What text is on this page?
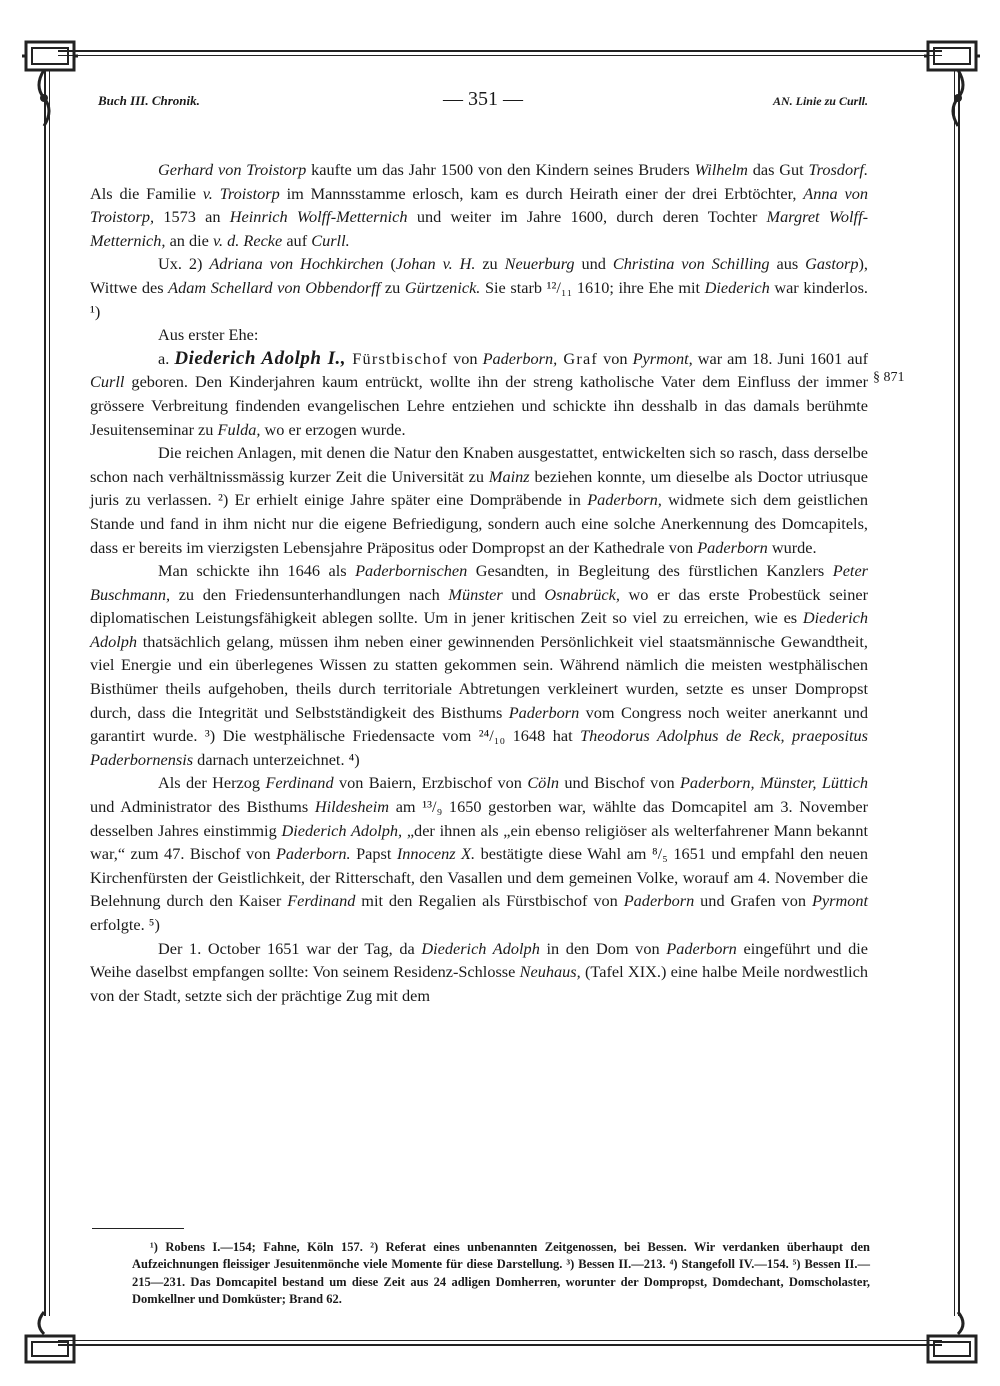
Buch III. Chronik.	— 351 —	AN. Linie zu Curll.
§ 871

Gerhard von Troistorp kaufte um das Jahr 1500 von den Kindern seines Bruders Wilhelm das Gut Trosdorf. Als die Familie v. Troistorp im Mannsstamme erlosch, kam es durch Heirath einer der drei Erbtöchter, Anna von Troistorp, 1573 an Heinrich Wolff-Metternich und weiter im Jahre 1600, durch deren Tochter Margret Wolff-Metternich, an die v. d. Recke auf Curll.

Ux. 2) Adriana von Hochkirchen (Johan v. H. zu Neuerburg und Christina von Schilling aus Gastorp), Wittwe des Adam Schellard von Obbendorff zu Gürtzenick. Sie starb ¹²/₁₁ 1610; ihre Ehe mit Diederich war kinderlos. ¹)

Aus erster Ehe:

a. Diederich Adolph I., Fürstbischof von Paderborn, Graf von Pyrmont, war am 18. Juni 1601 auf Curll geboren. Den Kinderjahren kaum entrückt, wollte ihn der streng katholische Vater dem Einfluss der immer grössere Verbreitung findenden evangelischen Lehre entziehen und schickte ihn desshalb in das damals berühmte Jesuitenseminar zu Fulda, wo er erzogen wurde.

Die reichen Anlagen, mit denen die Natur den Knaben ausgestattet, entwickelten sich so rasch, dass derselbe schon nach verhältnissmässig kurzer Zeit die Universität zu Mainz beziehen konnte, um dieselbe als Doctor utriusque juris zu verlassen. ²) Er erhielt einige Jahre später eine Dompräbende in Paderborn, widmete sich dem geistlichen Stande und fand in ihm nicht nur die eigene Befriedigung, sondern auch eine solche Anerkennung des Domcapitels, dass er bereits im vierzigsten Lebensjahre Präpositus oder Dompropst an der Kathedrale von Paderborn wurde.

Man schickte ihn 1646 als Paderbornischen Gesandten, in Begleitung des fürstlichen Kanzlers Peter Buschmann, zu den Friedensunterhandlungen nach Münster und Osnabrück, wo er das erste Probestück seiner diplomatischen Leistungsfähigkeit ablegen sollte. Um in jener kritischen Zeit so viel zu erreichen, wie es Diederich Adolph thatsächlich gelang, müssen ihm neben einer gewinnenden Persönlichkeit viel staatsmännische Gewandtheit, viel Energie und ein überlegenes Wissen zu statten gekommen sein. Während nämlich die meisten westphälischen Bisthümer theils aufgehoben, theils durch territoriale Abtretungen verkleinert wurden, setzte es unser Dompropst durch, dass die Integrität und Selbstständigkeit des Bisthums Paderborn vom Congress noch weiter anerkannt und garantirt wurde. ³) Die westphälische Friedensacte vom ²⁴/₁₀ 1648 hat Theodorus Adolphus de Reck, praepositus Paderbornensis darnach unterzeichnet. ⁴)

Als der Herzog Ferdinand von Baiern, Erzbischof von Cöln und Bischof von Paderborn, Münster, Lüttich und Administrator des Bisthums Hildesheim am ¹³/₉ 1650 gestorben war, wählte das Domcapitel am 3. November desselben Jahres einstimmig Diederich Adolph, „der ihnen als „ein ebenso religiöser als welterfahrener Mann bekannt war,“ zum 47. Bischof von Paderborn. Papst Innocenz X. bestätigte diese Wahl am ⁸/₅ 1651 und empfahl den neuen Kirchenfürsten der Geistlichkeit, der Ritterschaft, den Vasallen und dem gemeinen Volke, worauf am 4. November die Belehnung durch den Kaiser Ferdinand mit den Regalien als Fürstbischof von Paderborn und Grafen von Pyrmont erfolgte. ⁵)

Der 1. October 1651 war der Tag, da Diederich Adolph in den Dom von Paderborn eingeführt und die Weihe daselbst empfangen sollte: Von seinem Residenz-Schlosse Neuhaus, (Tafel XIX.) eine halbe Meile nordwestlich von der Stadt, setzte sich der prächtige Zug mit dem

¹) Robens I.—154; Fahne, Köln 157. ²) Referat eines unbenannten Zeitgenossen, bei Bessen. Wir verdanken überhaupt den Aufzeichnungen fleissiger Jesuitenmönche viele Momente für diese Darstellung. ³) Bessen II.—213. ⁴) Stangefoll IV.—154. ⁵) Bessen II.—215—231. Das Domcapitel bestand um diese Zeit aus 24 adligen Domherren, worunter der Dompropst, Domdechant, Domscholaster, Domkellner und Domküster; Brand 62.
